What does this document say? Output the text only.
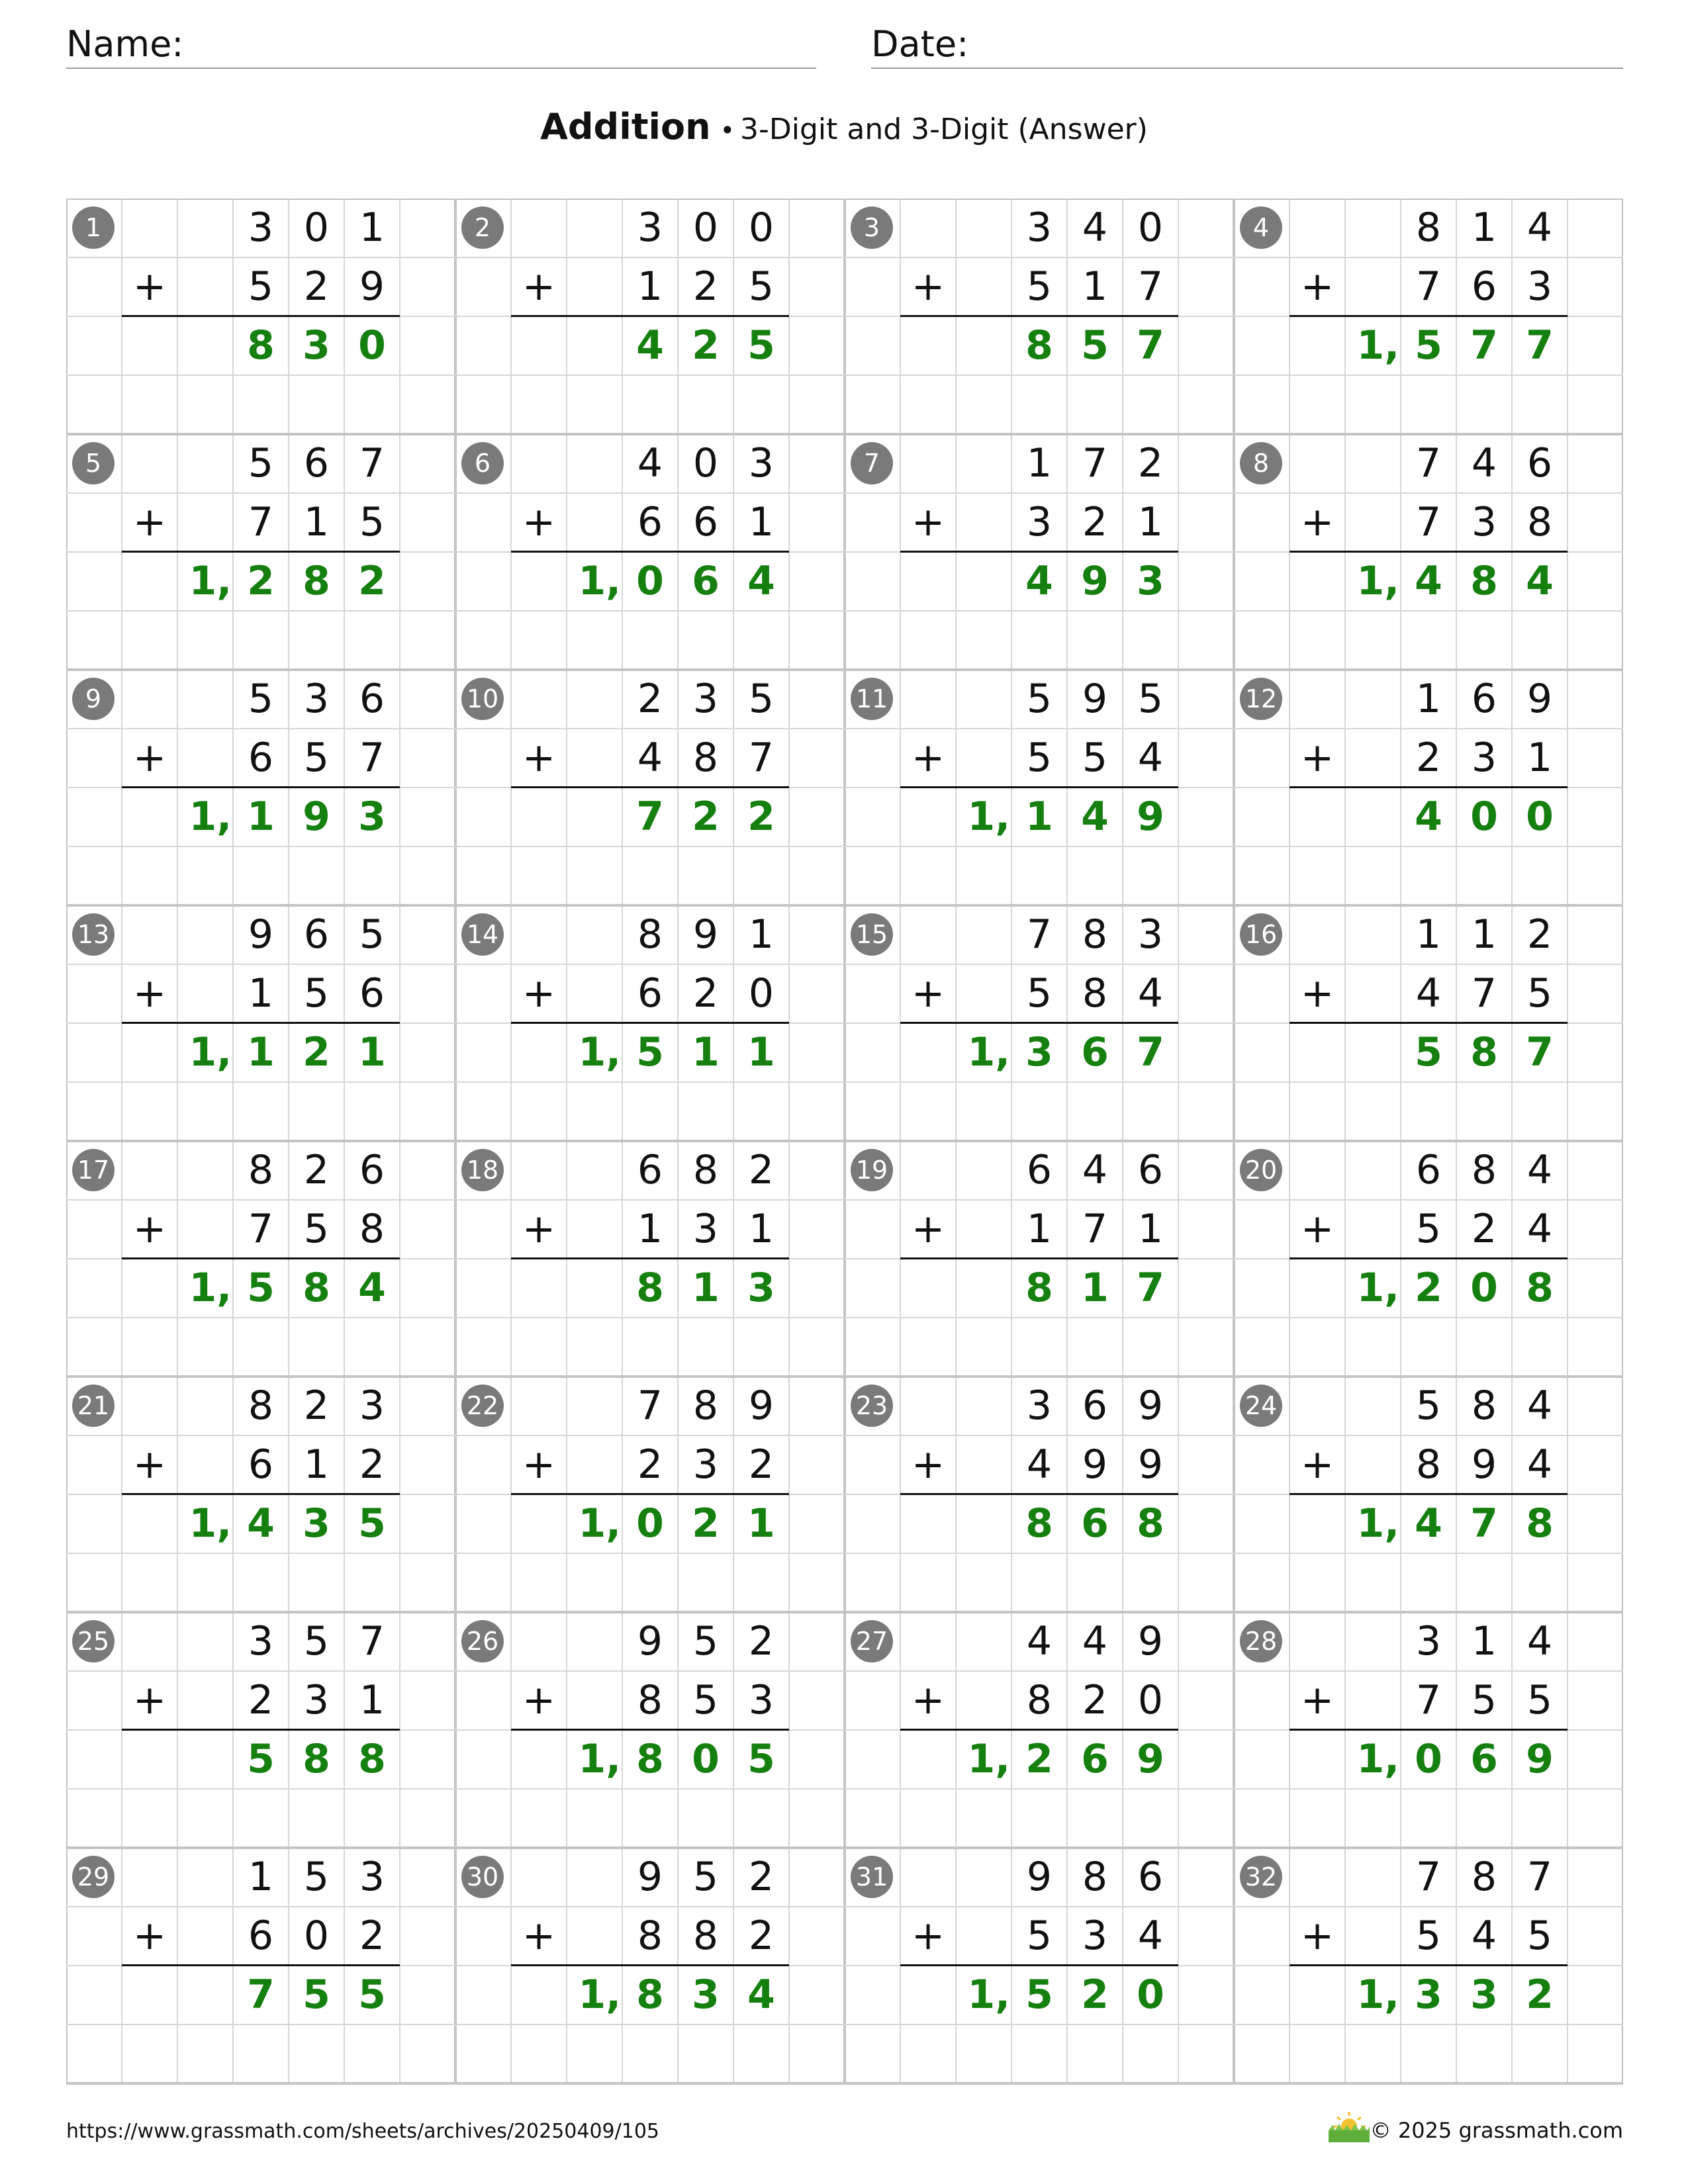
Name:	Date:
Addition • 3-Digit and 3-Digit (Answer)
1	3 0 1
+	5 2 9
8 3 0
2	3 0 0
+	1 2 5
4 2 5
3	3 4 0
+	5 1 7
8 5 7
4	8 1 4
+	7 6 3
5 7 7
1,
5	5 6 7
+	7 1 5
2 8 2
1,
6	4 0 3
+	6 6 1
0 6 4
1,
7	1 7 2
+	3 2 1
4 9 3
8	7 4 6
+	7 3 8
4 8 4
1,
9	5 3 6
+	6 5 7
1 9 3
1,
10	2 3 5
+	4 8 7
7 2 2
11	5 9 5
+	5 5 4
1 4 9
1,
12	1 6 9
+	2 3 1
4 0 0
13	9 6 5
+	1 5 6
1 2 1
1,
14	8 9 1
+	6 2 0
5 1 1
1,
15	7 8 3
+	5 8 4
3 6 7
1,
16	1 1 2
+	4 7 5
5 8 7
17	8 2 6
+	7 5 8
5 8 4
1,
18	6 8 2
+	1 3 1
8 1 3
19	6 4 6
+	1 7 1
8 1 7
20	6 8 4
+	5 2 4
2 0 8
1,
21	8 2 3
+	6 1 2
4 3 5
1,
22	7 8 9
+	2 3 2
0 2 1
1,
23	3 6 9
+	4 9 9
8 6 8
24	5 8 4
+	8 9 4
4 7 8
1,
25	3 5 7
+	2 3 1
5 8 8
26	9 5 2
+	8 5 3
8 0 5
1,
27	4 4 9
+	8 2 0
2 6 9
1,
28	3 1 4
+	7 5 5
0 6 9
1,
29	1 5 3
+	6 0 2
7 5 5
30	9 5 2
+	8 8 2
8 3 4
1,
31	9 8 6
+	5 3 4
5 2 0
1,
32	7 8 7
+	5 4 5
3 3 2
1,
https://www.grassmath.com/sheets/archives/20250409/105	© 2025 grassmath.com
